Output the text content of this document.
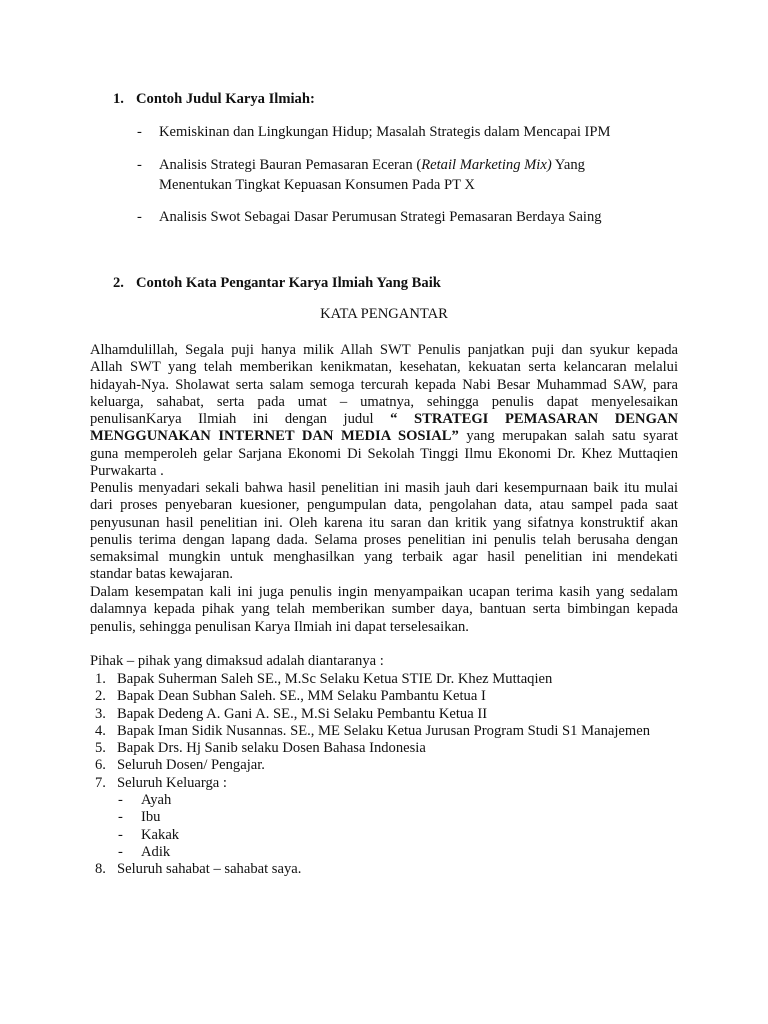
1. Contoh Judul Karya Ilmiah:
- Kemiskinan dan Lingkungan Hidup; Masalah Strategis dalam Mencapai IPM
- Analisis Strategi Bauran Pemasaran Eceran (Retail Marketing Mix) Yang
Menentukan Tingkat Kepuasan Konsumen Pada PT X
- Analisis Swot Sebagai Dasar Perumusan Strategi Pemasaran Berdaya Saing
2. Contoh Kata Pengantar Karya Ilmiah Yang Baik
KATA PENGANTAR
Alhamdulillah, Segala puji hanya milik Allah SWT Penulis panjatkan puji dan syukur kepada
Allah SWT yang telah memberikan kenikmatan, kesehatan, kekuatan serta kelancaran melalui
hidayah-Nya. Sholawat serta salam semoga tercurah kepada Nabi Besar Muhammad SAW, para
keluarga, sahabat, serta pada umat – umatnya, sehingga penulis dapat menyelesaikan
penulisanKarya Ilmiah ini dengan judul “ STRATEGI PEMASARAN DENGAN
MENGGUNAKAN INTERNET DAN MEDIA SOSIAL” yang merupakan salah satu syarat
guna memperoleh gelar Sarjana Ekonomi Di Sekolah Tinggi Ilmu Ekonomi Dr. Khez Muttaqien
Purwakarta .
Penulis menyadari sekali bahwa hasil penelitian ini masih jauh dari kesempurnaan baik itu mulai
dari proses penyebaran kuesioner, pengumpulan data, pengolahan data, atau sampel pada saat
penyusunan hasil penelitian ini. Oleh karena itu saran dan kritik yang sifatnya konstruktif akan
penulis terima dengan lapang dada. Selama proses penelitian ini penulis telah berusaha dengan
semaksimal mungkin untuk menghasilkan yang terbaik agar hasil penelitian ini mendekati
standar batas kewajaran.
Dalam kesempatan kali ini juga penulis ingin menyampaikan ucapan terima kasih yang sedalam
dalamnya kepada pihak yang telah memberikan sumber daya, bantuan serta bimbingan kepada
penulis, sehingga penulisan Karya Ilmiah ini dapat terselesaikan.
Pihak – pihak yang dimaksud adalah diantaranya :
1. Bapak Suherman Saleh SE., M.Sc Selaku Ketua STIE Dr. Khez Muttaqien
2. Bapak Dean Subhan Saleh. SE., MM Selaku Pambantu Ketua I
3. Bapak Dedeng A. Gani A. SE., M.Si Selaku Pembantu Ketua II
4. Bapak Iman Sidik Nusannas. SE., ME Selaku Ketua Jurusan Program Studi S1 Manajemen
5. Bapak Drs. Hj Sanib selaku Dosen Bahasa Indonesia
6. Seluruh Dosen/ Pengajar.
7. Seluruh Keluarga :
- Ayah
- Ibu
- Kakak
- Adik
8. Seluruh sahabat – sahabat saya.
